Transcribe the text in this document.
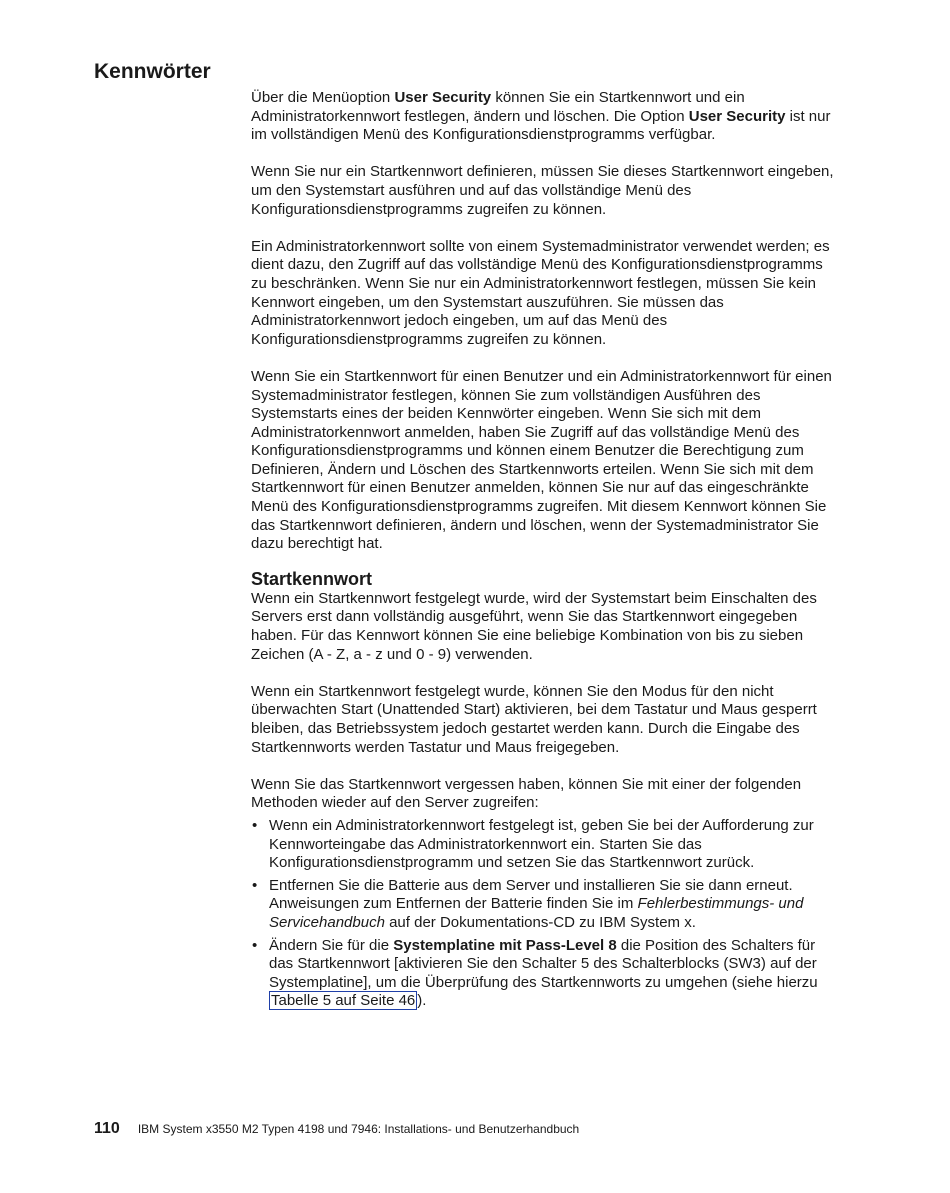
Kennwörter

Über die Menüoption User Security können Sie ein Startkennwort und ein Administratorkennwort festlegen, ändern und löschen. Die Option User Security ist nur im vollständigen Menü des Konfigurationsdienstprogramms verfügbar.

Wenn Sie nur ein Startkennwort definieren, müssen Sie dieses Startkennwort eingeben, um den Systemstart ausführen und auf das vollständige Menü des Konfigurationsdienstprogramms zugreifen zu können.

Ein Administratorkennwort sollte von einem Systemadministrator verwendet werden; es dient dazu, den Zugriff auf das vollständige Menü des Konfigurationsdienstprogramms zu beschränken. Wenn Sie nur ein Administratorkennwort festlegen, müssen Sie kein Kennwort eingeben, um den Systemstart auszuführen. Sie müssen das Administratorkennwort jedoch eingeben, um auf das Menü des Konfigurationsdienstprogramms zugreifen zu können.

Wenn Sie ein Startkennwort für einen Benutzer und ein Administratorkennwort für einen Systemadministrator festlegen, können Sie zum vollständigen Ausführen des Systemstarts eines der beiden Kennwörter eingeben. Wenn Sie sich mit dem Administratorkennwort anmelden, haben Sie Zugriff auf das vollständige Menü des Konfigurationsdienstprogramms und können einem Benutzer die Berechtigung zum Definieren, Ändern und Löschen des Startkennworts erteilen. Wenn Sie sich mit dem Startkennwort für einen Benutzer anmelden, können Sie nur auf das eingeschränkte Menü des Konfigurationsdienstprogramms zugreifen. Mit diesem Kennwort können Sie das Startkennwort definieren, ändern und löschen, wenn der Systemadministrator Sie dazu berechtigt hat.

Startkennwort

Wenn ein Startkennwort festgelegt wurde, wird der Systemstart beim Einschalten des Servers erst dann vollständig ausgeführt, wenn Sie das Startkennwort eingegeben haben. Für das Kennwort können Sie eine beliebige Kombination von bis zu sieben Zeichen (A - Z, a - z und 0 - 9) verwenden.

Wenn ein Startkennwort festgelegt wurde, können Sie den Modus für den nicht überwachten Start (Unattended Start) aktivieren, bei dem Tastatur und Maus gesperrt bleiben, das Betriebssystem jedoch gestartet werden kann. Durch die Eingabe des Startkennworts werden Tastatur und Maus freigegeben.

Wenn Sie das Startkennwort vergessen haben, können Sie mit einer der folgenden Methoden wieder auf den Server zugreifen:

• Wenn ein Administratorkennwort festgelegt ist, geben Sie bei der Aufforderung zur Kennworteingabe das Administratorkennwort ein. Starten Sie das Konfigurationsdienstprogramm und setzen Sie das Startkennwort zurück.
• Entfernen Sie die Batterie aus dem Server und installieren Sie sie dann erneut. Anweisungen zum Entfernen der Batterie finden Sie im Fehlerbestimmungs- und Servicehandbuch auf der Dokumentations-CD zu IBM System x.
• Ändern Sie für die Systemplatine mit Pass-Level 8 die Position des Schalters für das Startkennwort [aktivieren Sie den Schalter 5 des Schalterblocks (SW3) auf der Systemplatine], um die Überprüfung des Startkennworts zu umgehen (siehe hierzu Tabelle 5 auf Seite 46 ).
110 IBM System x3550 M2 Typen 4198 und 7946: Installations- und Benutzerhandbuch
